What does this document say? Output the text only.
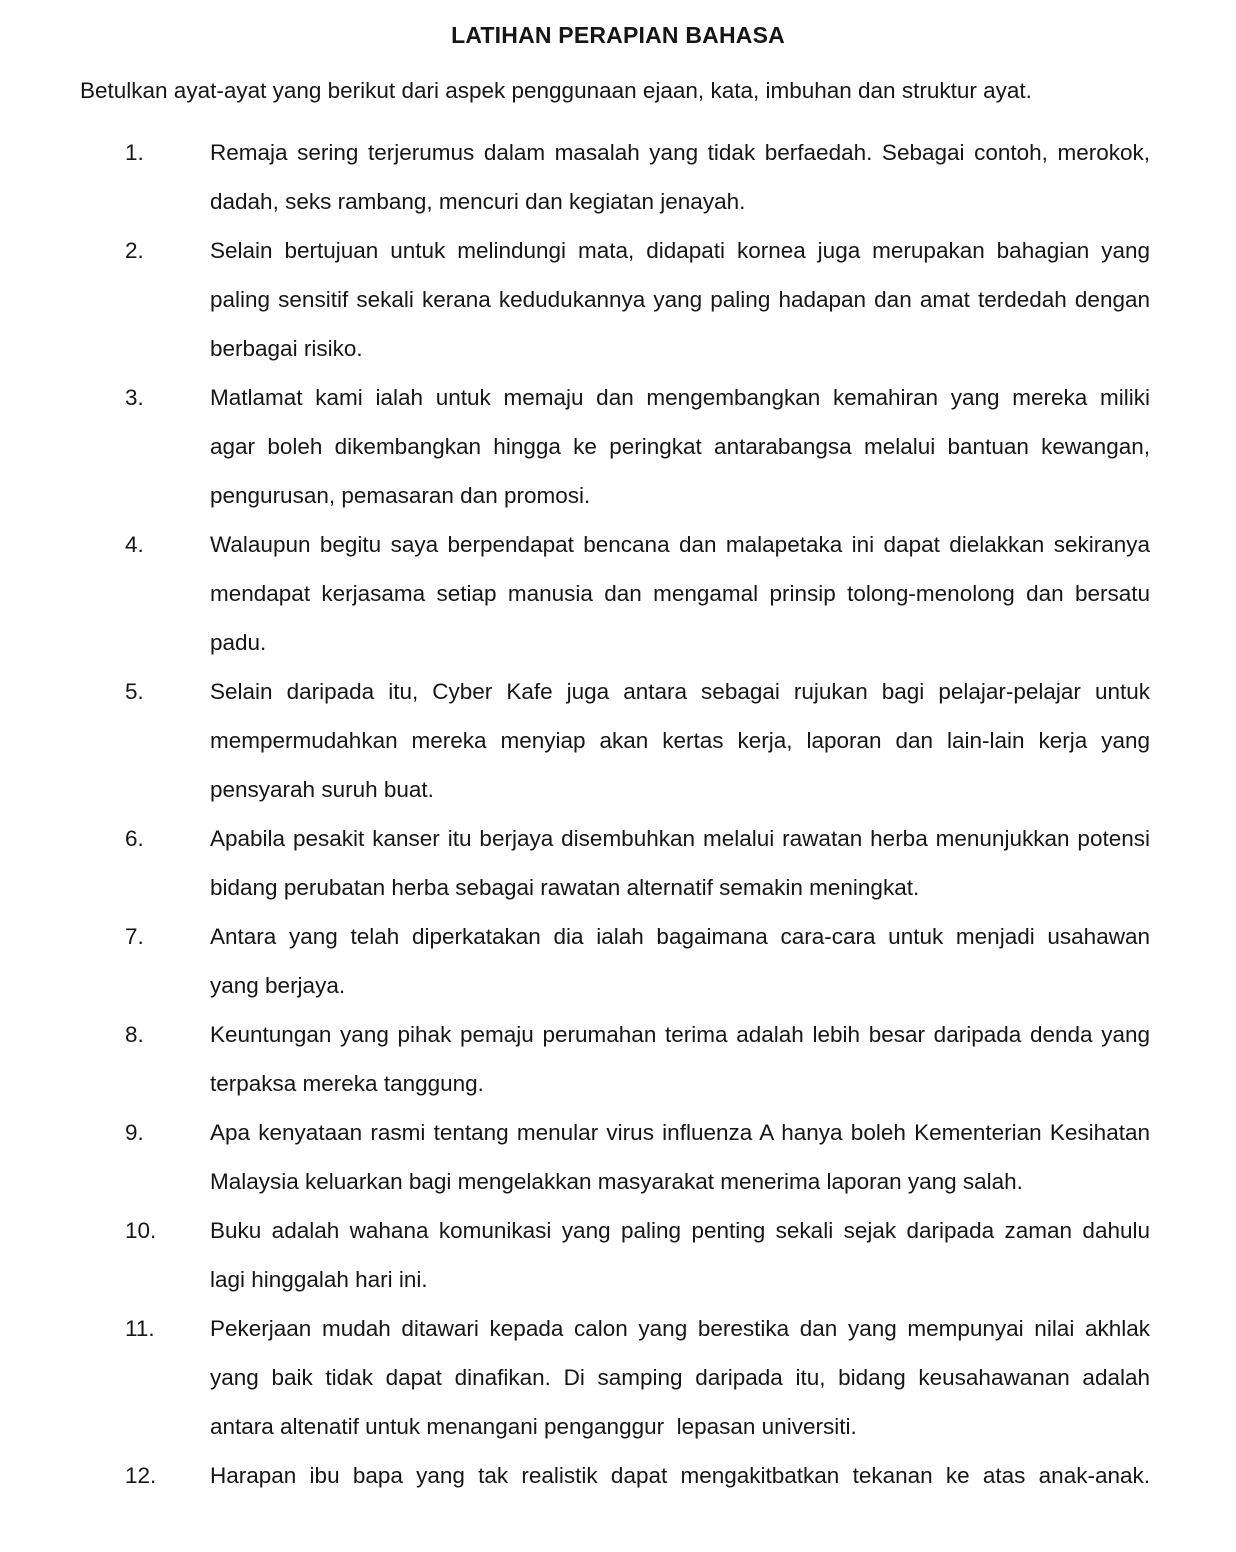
LATIHAN PERAPIAN BAHASA

Betulkan ayat-ayat yang berikut dari aspek penggunaan ejaan, kata, imbuhan dan struktur ayat.

1.	Remaja sering terjerumus dalam masalah yang tidak berfaedah. Sebagai contoh, merokok,
dadah, seks rambang, mencuri dan kegiatan jenayah.
2.	Selain bertujuan untuk melindungi mata, didapati kornea juga merupakan bahagian yang
paling sensitif sekali kerana kedudukannya yang paling hadapan dan amat terdedah dengan
berbagai risiko.
3.	Matlamat kami ialah untuk memaju dan mengembangkan kemahiran yang mereka miliki
agar boleh dikembangkan hingga ke peringkat antarabangsa melalui bantuan kewangan,
pengurusan, pemasaran dan promosi.
4.	Walaupun begitu saya berpendapat bencana dan malapetaka ini dapat dielakkan sekiranya
mendapat kerjasama setiap manusia dan mengamal prinsip tolong-menolong dan bersatu
padu.
5.	Selain daripada itu, Cyber Kafe juga antara sebagai rujukan bagi pelajar-pelajar untuk
mempermudahkan mereka menyiap akan kertas kerja, laporan dan lain-lain kerja yang
pensyarah suruh buat.
6.	Apabila pesakit kanser itu berjaya disembuhkan melalui rawatan herba menunjukkan potensi
bidang perubatan herba sebagai rawatan alternatif semakin meningkat.
7.	Antara yang telah diperkatakan dia ialah bagaimana cara-cara untuk menjadi usahawan
yang berjaya.
8.	Keuntungan yang pihak pemaju perumahan terima adalah lebih besar daripada denda yang
terpaksa mereka tanggung.
9.	Apa kenyataan rasmi tentang menular virus influenza A hanya boleh Kementerian Kesihatan
Malaysia keluarkan bagi mengelakkan masyarakat menerima laporan yang salah.
10.	Buku adalah wahana komunikasi yang paling penting sekali sejak daripada zaman dahulu
lagi hinggalah hari ini.
11.	Pekerjaan mudah ditawari kepada calon yang berestika dan yang mempunyai nilai akhlak
yang baik tidak dapat dinafikan. Di samping daripada itu, bidang keusahawanan adalah
antara altenatif untuk menangani penganggur  lepasan universiti.
12.	Harapan ibu bapa yang tak realistik dapat mengakitbatkan tekanan ke atas anak-anak.
